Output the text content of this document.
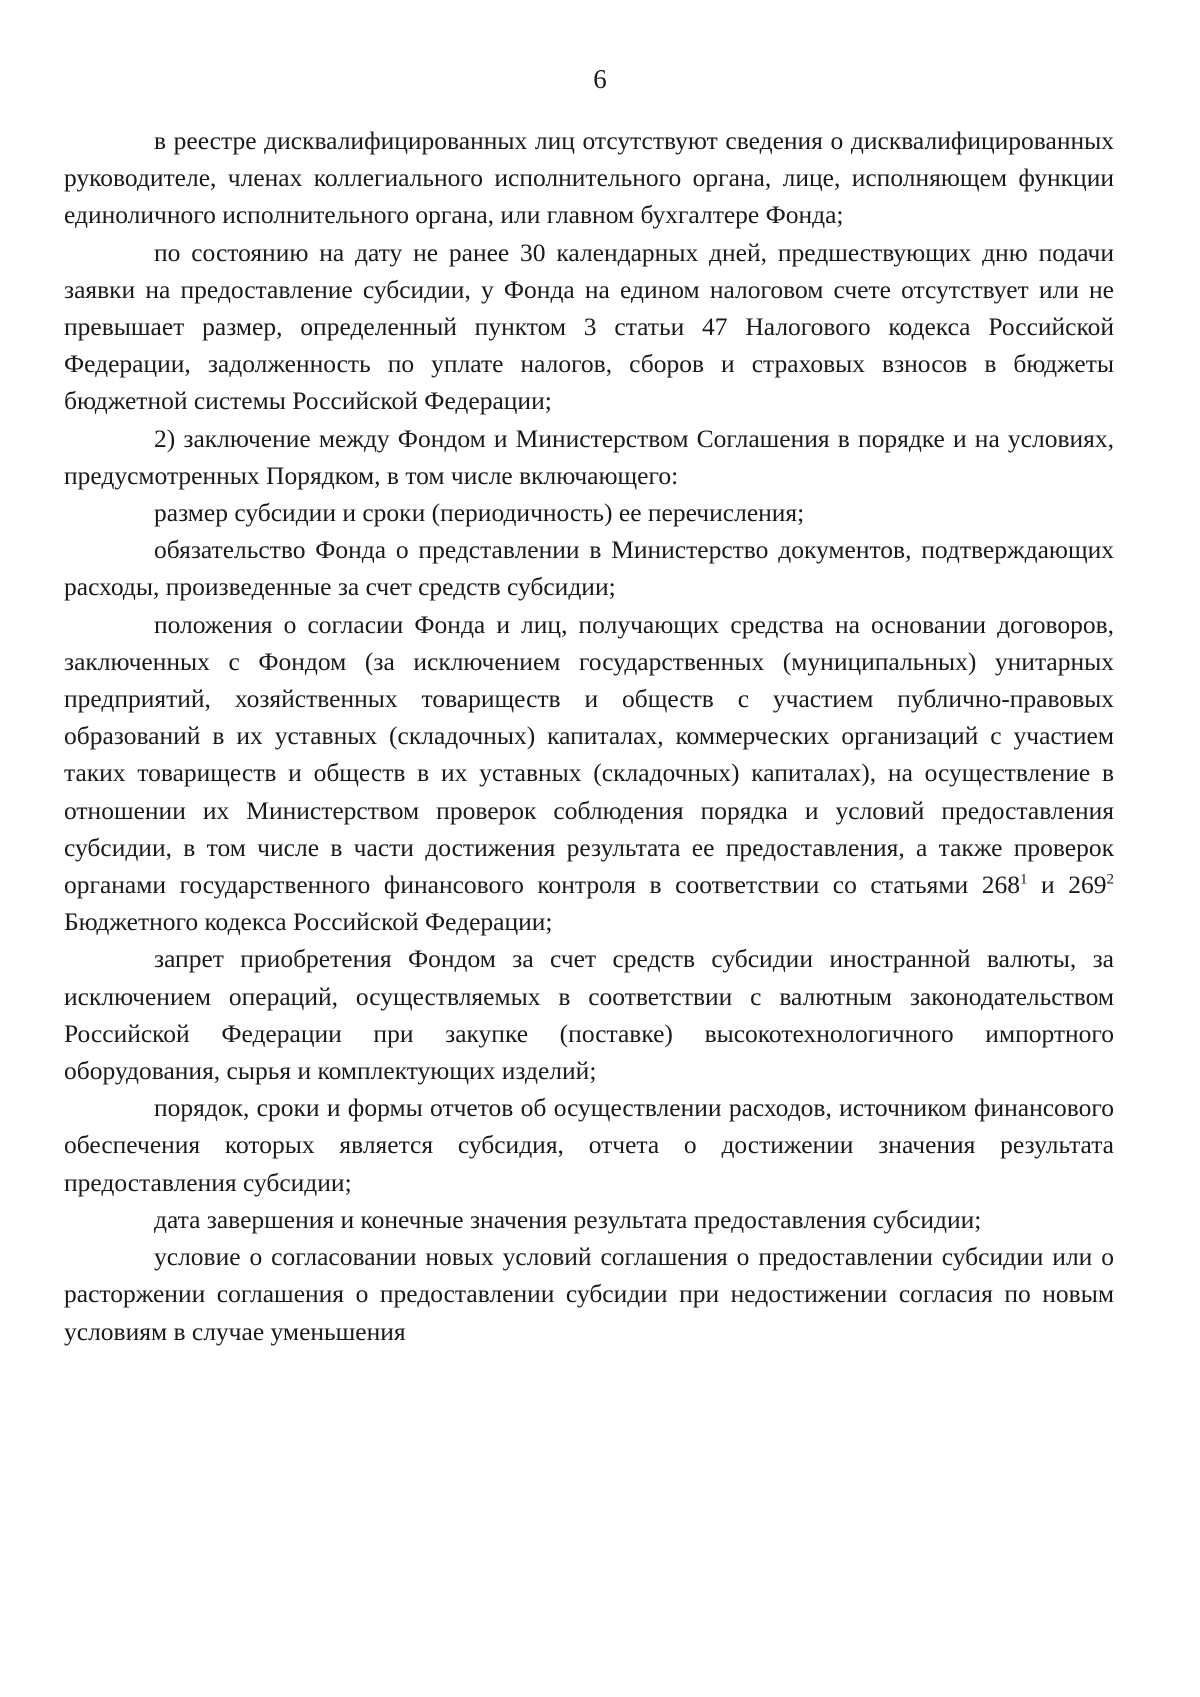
6

в реестре дисквалифицированных лиц отсутствуют сведения о дисквалифицированных руководителе, членах коллегиального исполнительного органа, лице, исполняющем функции единоличного исполнительного органа, или главном бухгалтере Фонда;

по состоянию на дату не ранее 30 календарных дней, предшествующих дню подачи заявки на предоставление субсидии, у Фонда на едином налоговом счете отсутствует или не превышает размер, определенный пунктом 3 статьи 47 Налогового кодекса Российской Федерации, задолженность по уплате налогов, сборов и страховых взносов в бюджеты бюджетной системы Российской Федерации;

2) заключение между Фондом и Министерством Соглашения в порядке и на условиях, предусмотренных Порядком, в том числе включающего:

размер субсидии и сроки (периодичность) ее перечисления;

обязательство Фонда о представлении в Министерство документов, подтверждающих расходы, произведенные за счет средств субсидии;

положения о согласии Фонда и лиц, получающих средства на основании договоров, заключенных с Фондом (за исключением государственных (муниципальных) унитарных предприятий, хозяйственных товариществ и обществ с участием публично-правовых образований в их уставных (складочных) капиталах, коммерческих организаций с участием таких товариществ и обществ в их уставных (складочных) капиталах), на осуществление в отношении их Министерством проверок соблюдения порядка и условий предоставления субсидии, в том числе в части достижения результата ее предоставления, а также проверок органами государственного финансового контроля в соответствии со статьями $268^1$ и $269^2$ Бюджетного кодекса Российской Федерации;

запрет приобретения Фондом за счет средств субсидии иностранной валюты, за исключением операций, осуществляемых в соответствии с валютным законодательством Российской Федерации при закупке (поставке) высокотехнологичного импортного оборудования, сырья и комплектующих изделий;

порядок, сроки и формы отчетов об осуществлении расходов, источником финансового обеспечения которых является субсидия, отчета о достижении значения результата предоставления субсидии;

дата завершения и конечные значения результата предоставления субсидии;

условие о согласовании новых условий соглашения о предоставлении субсидии или о расторжении соглашения о предоставлении субсидии при недостижении согласия по новым условиям в случае уменьшения
